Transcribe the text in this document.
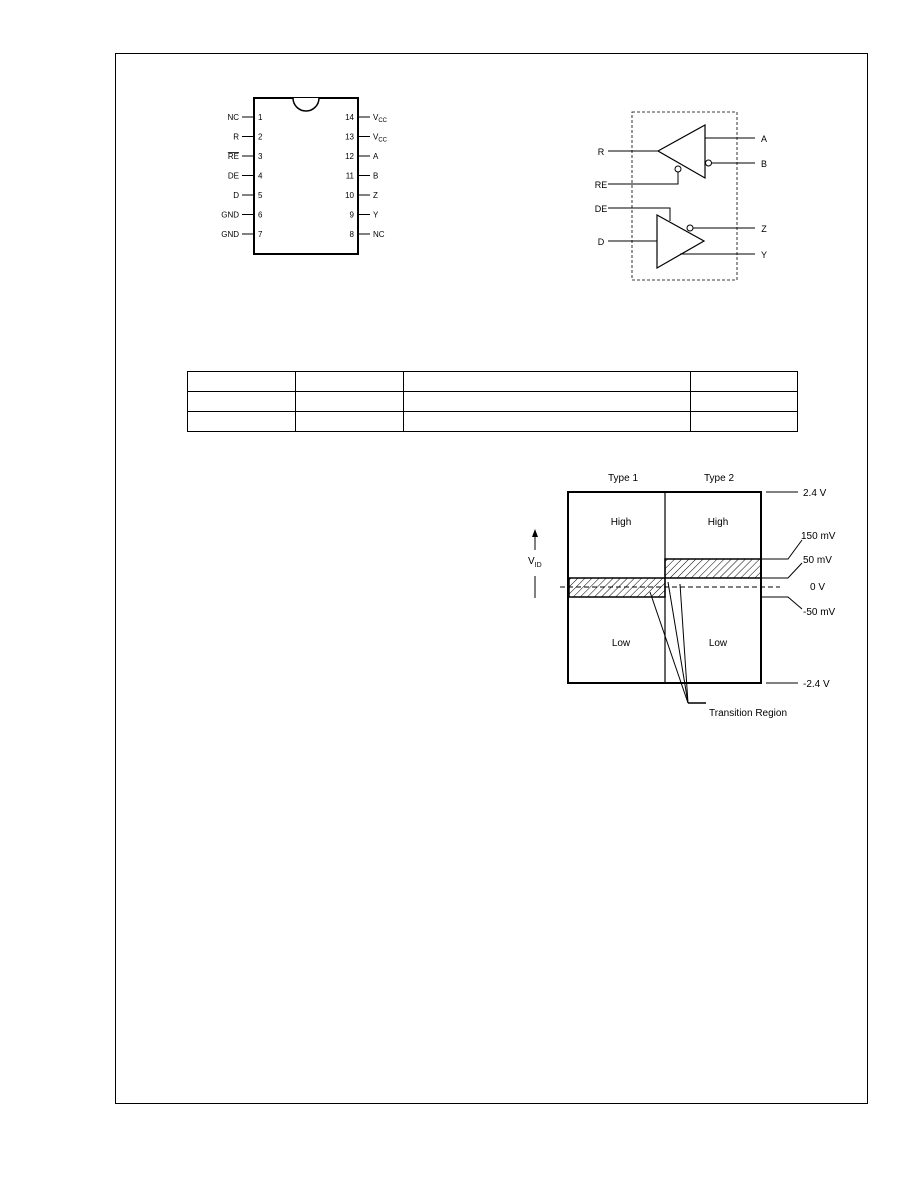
NC 1
R 2
RE 3
DE 4
D 5
GND 6
GND 7
14 $V_{CC}$
13 $V_{CC}$
12 A
11 B
10 Z
9 Y
8 NC
R
RE
A
B
DE
D
Z
Y

Type 1	Type 2
High	High
Low	Low
$V_{ID}$
2.4 V
150 mV
50 mV
0 V
-50 mV
-2.4 V
Transition Region
